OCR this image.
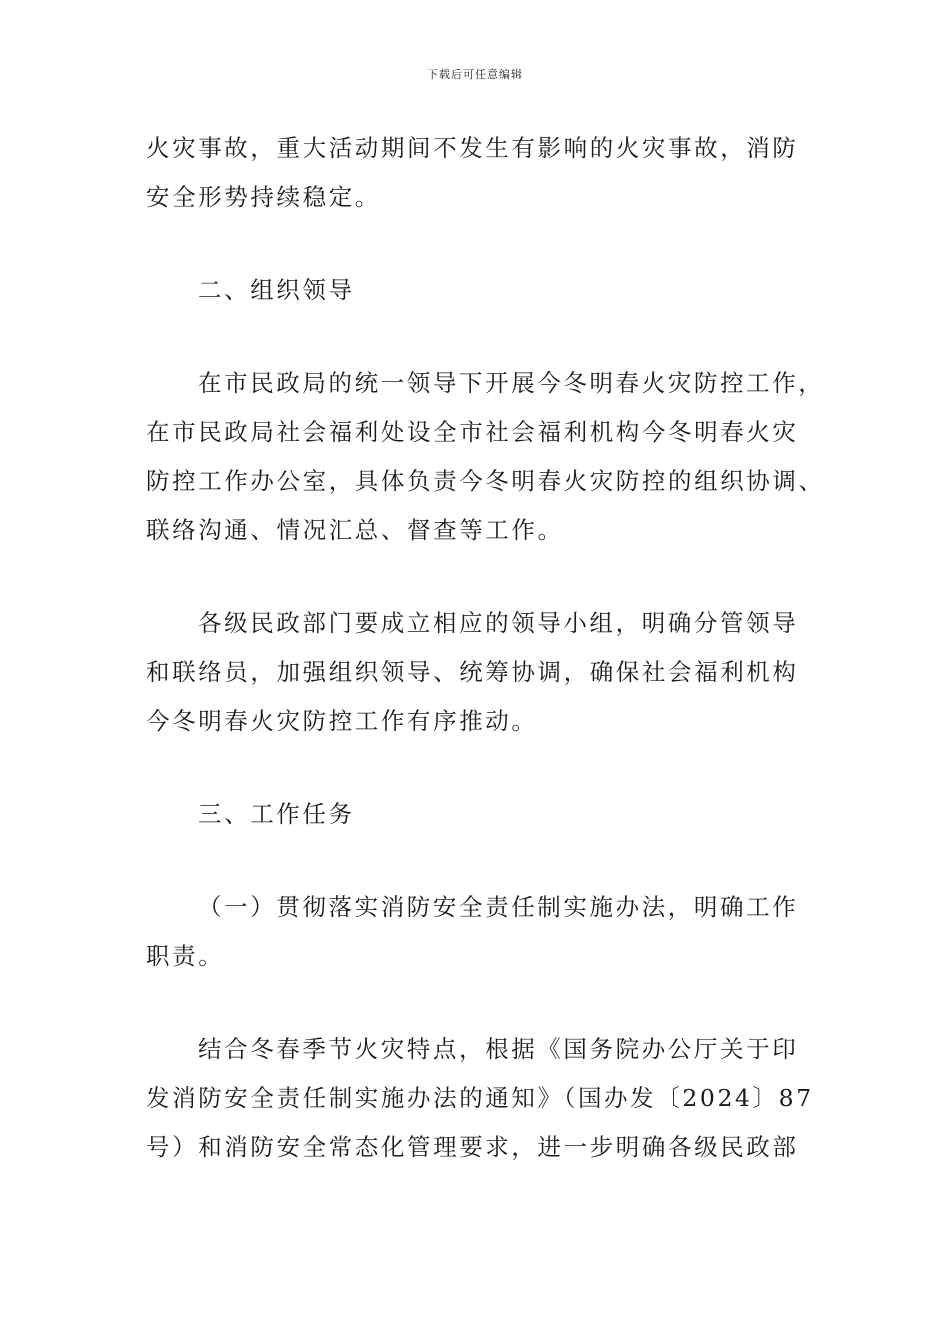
下载后可任意编辑
火灾事故，重大活动期间不发生有影响的火灾事故，消防
安全形势持续稳定。
二、组织领导
在市民政局的统一领导下开展今冬明春火灾防控工作，
在市民政局社会福利处设全市社会福利机构今冬明春火灾
防控工作办公室，具体负责今冬明春火灾防控的组织协调、
联络沟通、情况汇总、督查等工作。
各级民政部门要成立相应的领导小组，明确分管领导
和联络员，加强组织领导、统筹协调，确保社会福利机构
今冬明春火灾防控工作有序推动。
三、工作任务
（一）贯彻落实消防安全责任制实施办法，明确工作
职责。
结合冬春季节火灾特点，根据《国务院办公厅关于印
发消防安全责任制实施办法的通知》（国办发〔2024〕87
号）和消防安全常态化管理要求，进一步明确各级民政部
